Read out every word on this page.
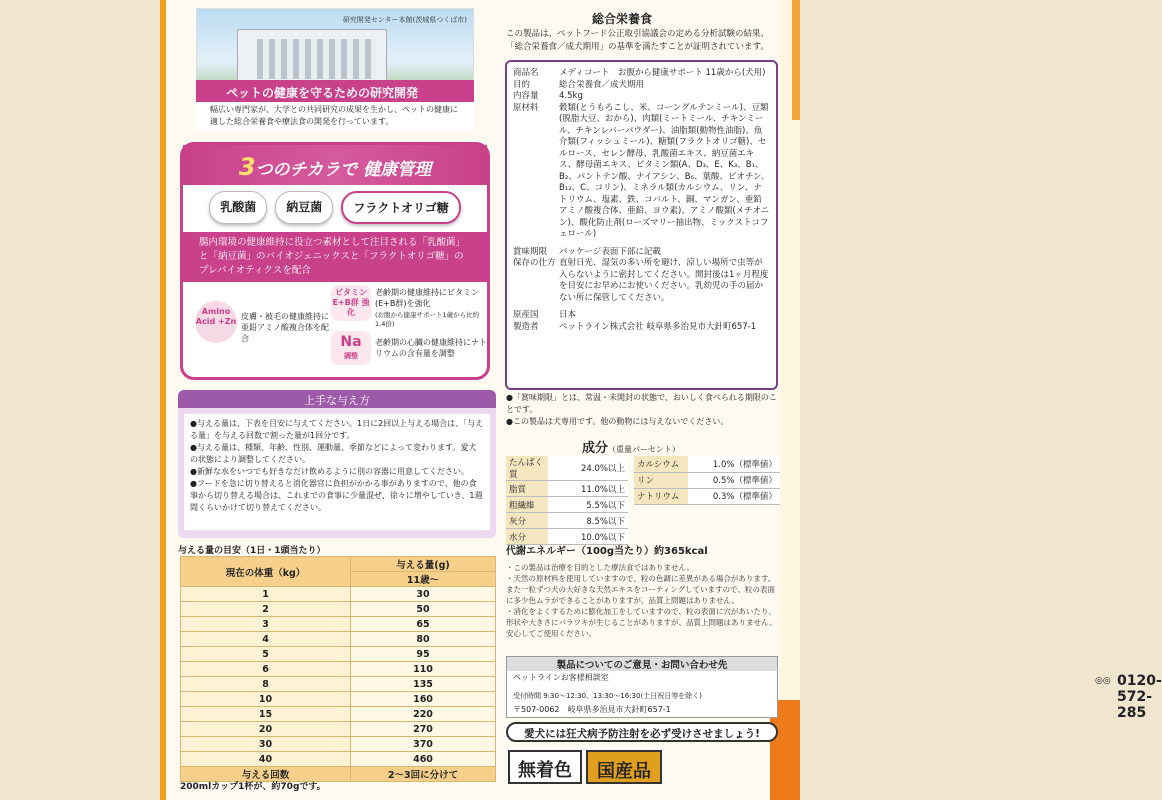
研究開発センター本館(茨城県つくば市)
ペットの健康を守るための研究開発
幅広い専門家が、大学との共同研究の成果を生かし、ペットの健康に適した総合栄養食や療法食の開発を行っています。
3つのチカラで 健康管理
乳酸菌	納豆菌	フラクトオリゴ糖
腸内環境の健康維持に役立つ素材として注目される「乳酸菌」と「納豆菌」のバイオジェニックスと「フラクトオリゴ糖」のプレバイオティクスを配合
Amino Acid +Zn
皮膚・被毛の健康維持に亜鉛アミノ酸複合体を配合
ビタミン E+B群 強化
老齢期の健康維持にビタミン(E+B群)を強化
(お腹から健康サポート1歳から比約1.4倍)
Na
調整
老齢期の心臓の健康維持にナトリウムの含有量を調整
上手な与え方

●与える量は、下表を目安に与えてください。1日に2回以上与える場合は、「与える量」を与える回数で割った量が1回分です。

●与える量は、種類、年齢、性別、運動量、季節などによって変わります。愛犬の状態により調整してください。

●新鮮な水をいつでも好きなだけ飲めるように別の容器に用意してください。

●フードを急に切り替えると消化器官に負担がかかる事がありますので、他の食事から切り替える場合は、これまでの食事に少量混ぜ、徐々に増やしていき、1週間くらいかけて切り替えてください。

与える量の目安（1日・1頭当たり）
現在の体重（kg）	与える量(g)
	11歳～
1	30
2	50
3	65
4	80
5	95
6	110
8	135
10	160
15	220
20	270
30	370
40	460
与える回数	2～3回に分けて
200mlカップ1杯が、約70gです。
総合栄養食
この製品は、ペットフード公正取引協議会の定める分析試験の結果、「総合栄養食／成犬期用」の基準を満たすことが証明されています。
商品名	メディコート　お腹から健康サポート 11歳から(犬用)
目的	総合栄養食／成犬期用
内容量	4.5kg
原材料	穀類(とうもろこし、米、コーングルテンミール)、豆類(脱脂大豆、おから)、肉類(ミートミール、チキンミール、チキンレバーパウダー)、油脂類(動物性油脂)、魚介類(フィッシュミール)、糖類(フラクトオリゴ糖)、セルロース、セレン酵母、乳酸菌エキス、納豆菌エキス、酵母菌エキス、ビタミン類(A、D₃、E、K₃、B₁、B₂、パントテン酸、ナイアシン、B₆、葉酸、ビオチン、B₁₂、C、コリン)、ミネラル類(カルシウム、リン、ナトリウム、塩素、鉄、コバルト、銅、マンガン、亜鉛アミノ酸複合体、亜鉛、ヨウ素)、アミノ酸類(メチオニン)、酸化防止剤(ローズマリー抽出物、ミックストコフェロール)
賞味期限	パッケージ表面下部に記載
保存の仕方 直射日光、湿気の多い所を避け、涼しい場所で虫等が入らないように密封してください。開封後は1ヶ月程度を目安にお早めにお使いください。乳幼児の手の届かない所に保管してください。
原産国	日本
製造者	ペットライン株式会社 岐阜県多治見市大針町657-1
●「賞味期限」とは、常温・未開封の状態で、おいしく食べられる期限のことです。
●この製品は犬専用です。他の動物には与えないでください。
成分（重量パーセント）
たんぱく質	24.0%以上
脂質	11.0%以上
粗繊維	5.5%以下
灰分	8.5%以下
水分	10.0%以下
カルシウム	1.0%（標準値）
リン	0.5%（標準値）
ナトリウム	0.3%（標準値）
代謝エネルギー（100g当たり）約365kcal
・この製品は治療を目的とした療法食ではありません。
・天然の原材料を使用していますので、粒の色調に差異がある場合があります。また一粒ずつ犬の大好きな天然エキスをコーティングしていますので、粒の表面に多少色ムラができることがありますが、品質上問題はありません。
・消化をよくするために膨化加工をしていますので、粒の表面に穴があいたり、形状や大きさにバラツキが生じることがありますが、品質上問題はありません。安心してご使用ください。
製品についてのご意見・お問い合わせ先
ペットラインお客様相談室	◎◎ 0120-572-285
受付時間 9:30～12:30、13:30～16:30(土日祝日等を除く)
〒507-0062　岐阜県多治見市大針町657-1
愛犬には狂犬病予防注射を必ず受けさせましょう!
無着色	国産品
